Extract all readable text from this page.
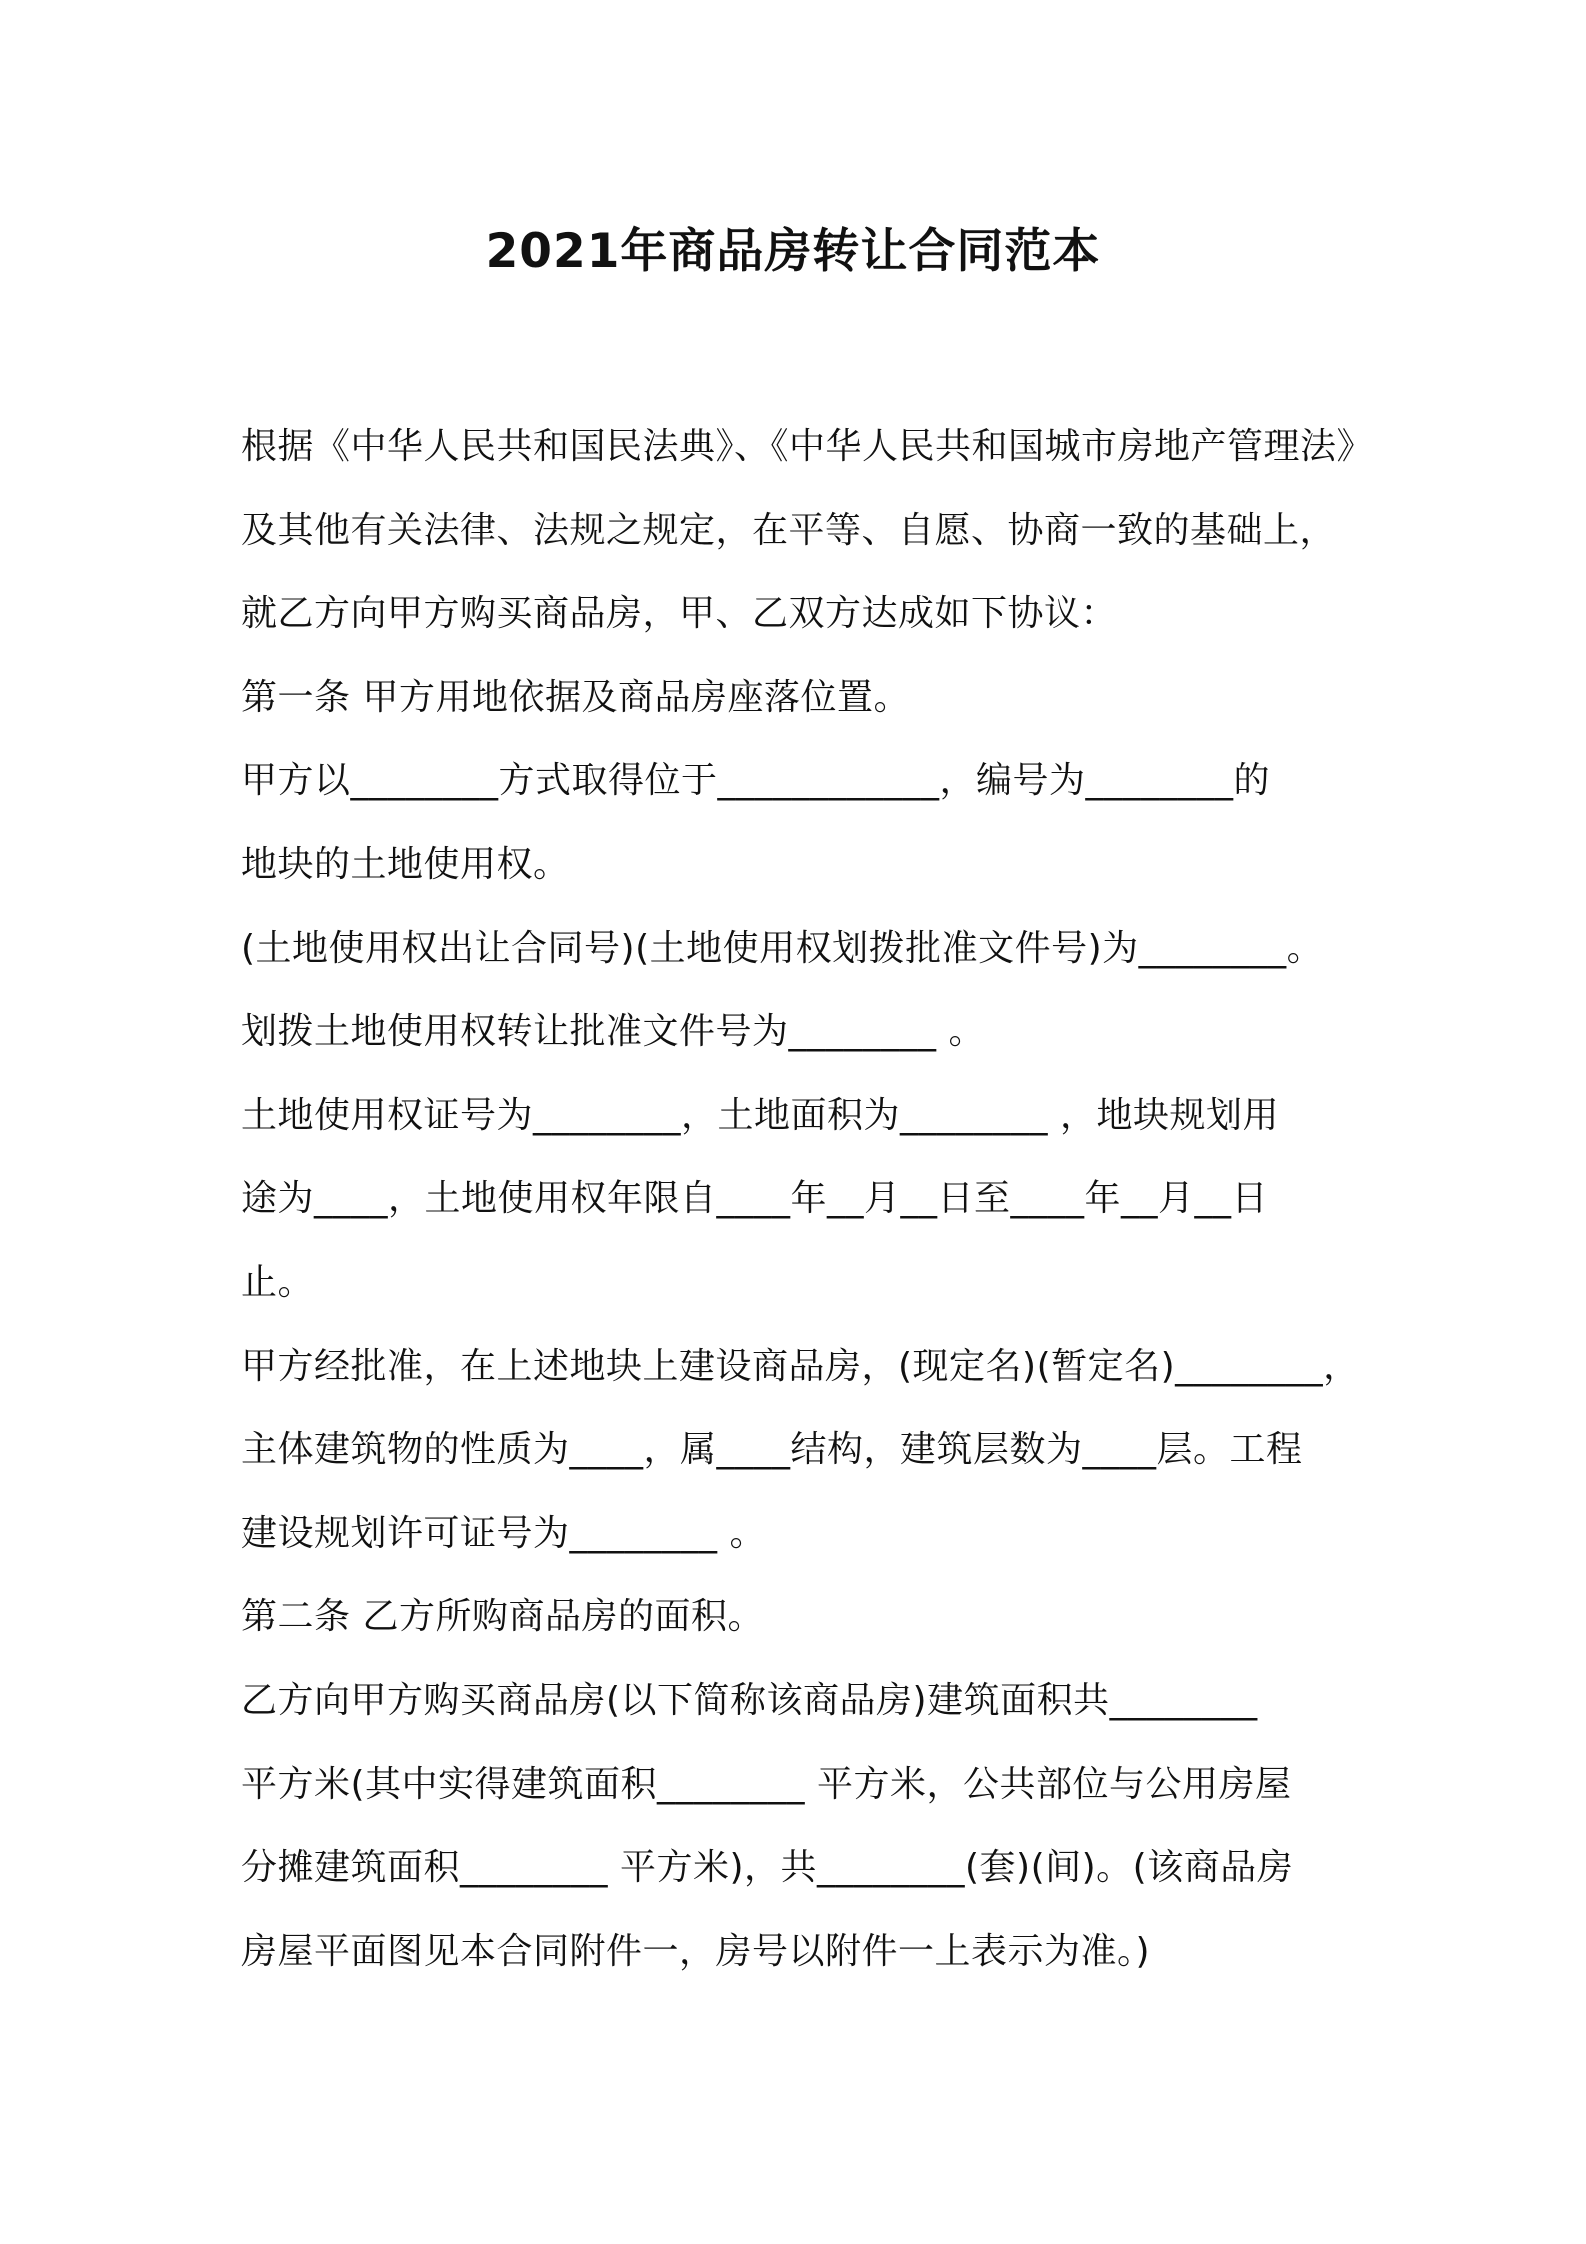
2021年商品房转让合同范本
根据《中华人民共和国民法典》、《中华人民共和国城市房地产管理法》
及其他有关法律、法规之规定，在平等、自愿、协商一致的基础上，
就乙方向甲方购买商品房，甲、乙双方达成如下协议：
第一条 甲方用地依据及商品房座落位置。
甲方以________方式取得位于____________，编号为________的
地块的土地使用权。
(土地使用权出让合同号)(土地使用权划拨批准文件号)为________。
划拨土地使用权转让批准文件号为________ 。
土地使用权证号为________，土地面积为________ ，地块规划用
途为____，土地使用权年限自____年__月__日至____年__月__日
止。
甲方经批准，在上述地块上建设商品房，(现定名)(暂定名)________，
主体建筑物的性质为____，属____结构，建筑层数为____层。工程
建设规划许可证号为________ 。
第二条 乙方所购商品房的面积。
乙方向甲方购买商品房(以下简称该商品房)建筑面积共________
平方米(其中实得建筑面积________ 平方米，公共部位与公用房屋
分摊建筑面积________ 平方米)，共________(套)(间)。(该商品房
房屋平面图见本合同附件一，房号以附件一上表示为准。)
